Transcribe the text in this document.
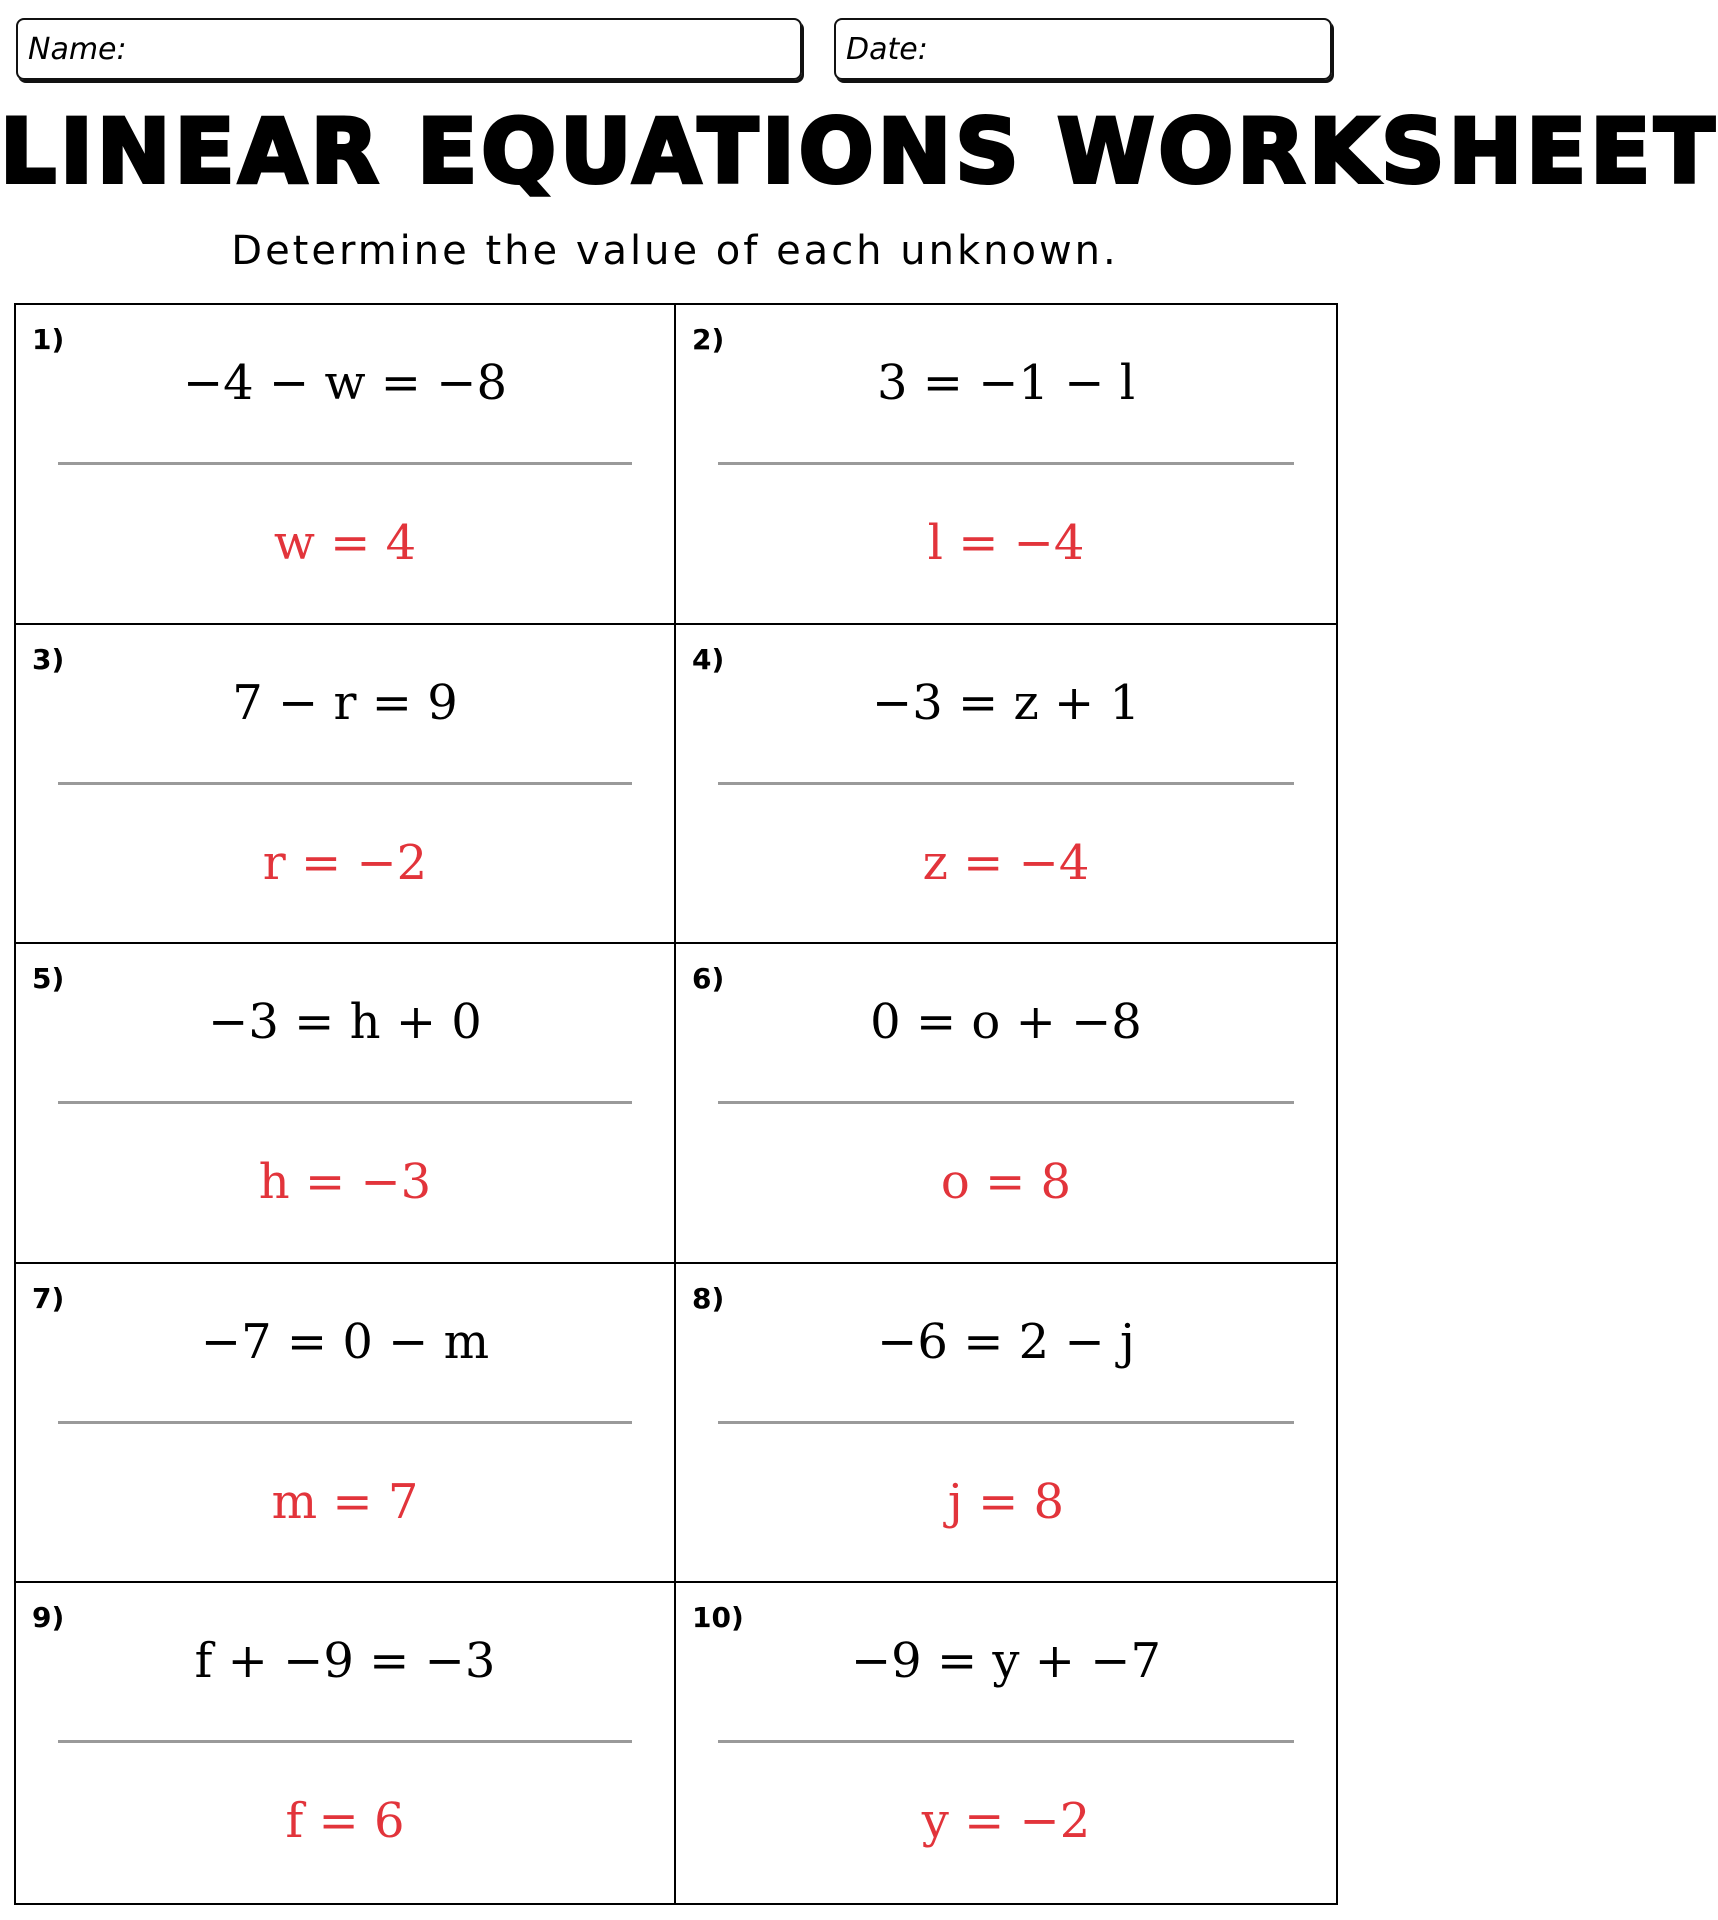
Name:	Date:
LINEAR EQUATIONS WORKSHEET
Determine the value of each unknown.
1)
−4 − w = −8
w = 4
2)
3 = −1 − l
l = −4
3)
7 − r = 9
r = −2
4)
−3 = z + 1
z = −4
5)
−3 = h + 0
h = −3
6)
0 = o + −8
o = 8
7)
−7 = 0 − m
m = 7
8)
−6 = 2 − j
j = 8
9)
f + −9 = −3
f = 6
10)
−9 = y + −7
y = −2
